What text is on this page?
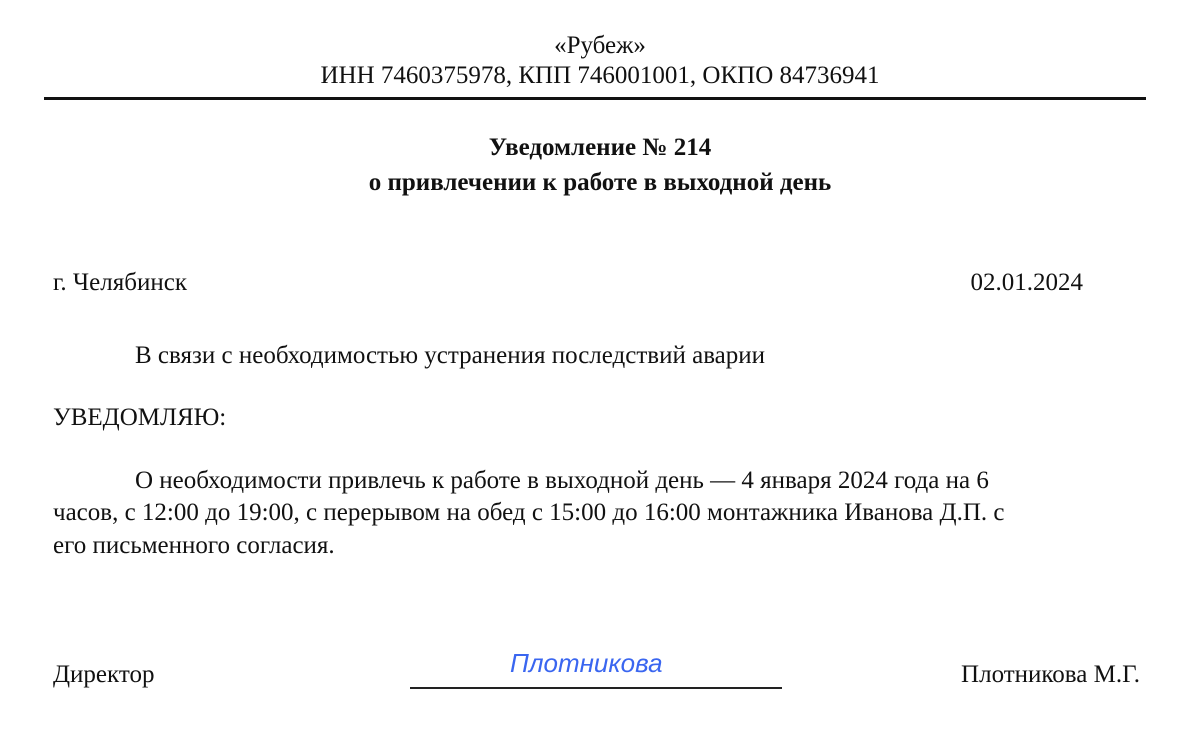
«Рубеж»
ИНН 7460375978, КПП 746001001, ОКПО 84736941
Уведомление № 214
о привлечении к работе в выходной день
г. Челябинск	02.01.2024
В связи с необходимостью устранения последствий аварии
УВЕДОМЛЯЮ:
О необходимости привлечь к работе в выходной день — 4 января 2024 года на 6
часов, с 12:00 до 19:00, с перерывом на обед с 15:00 до 16:00 монтажника Иванова Д.П. с
его письменного согласия.
Директор	Плотникова	Плотникова М.Г.
